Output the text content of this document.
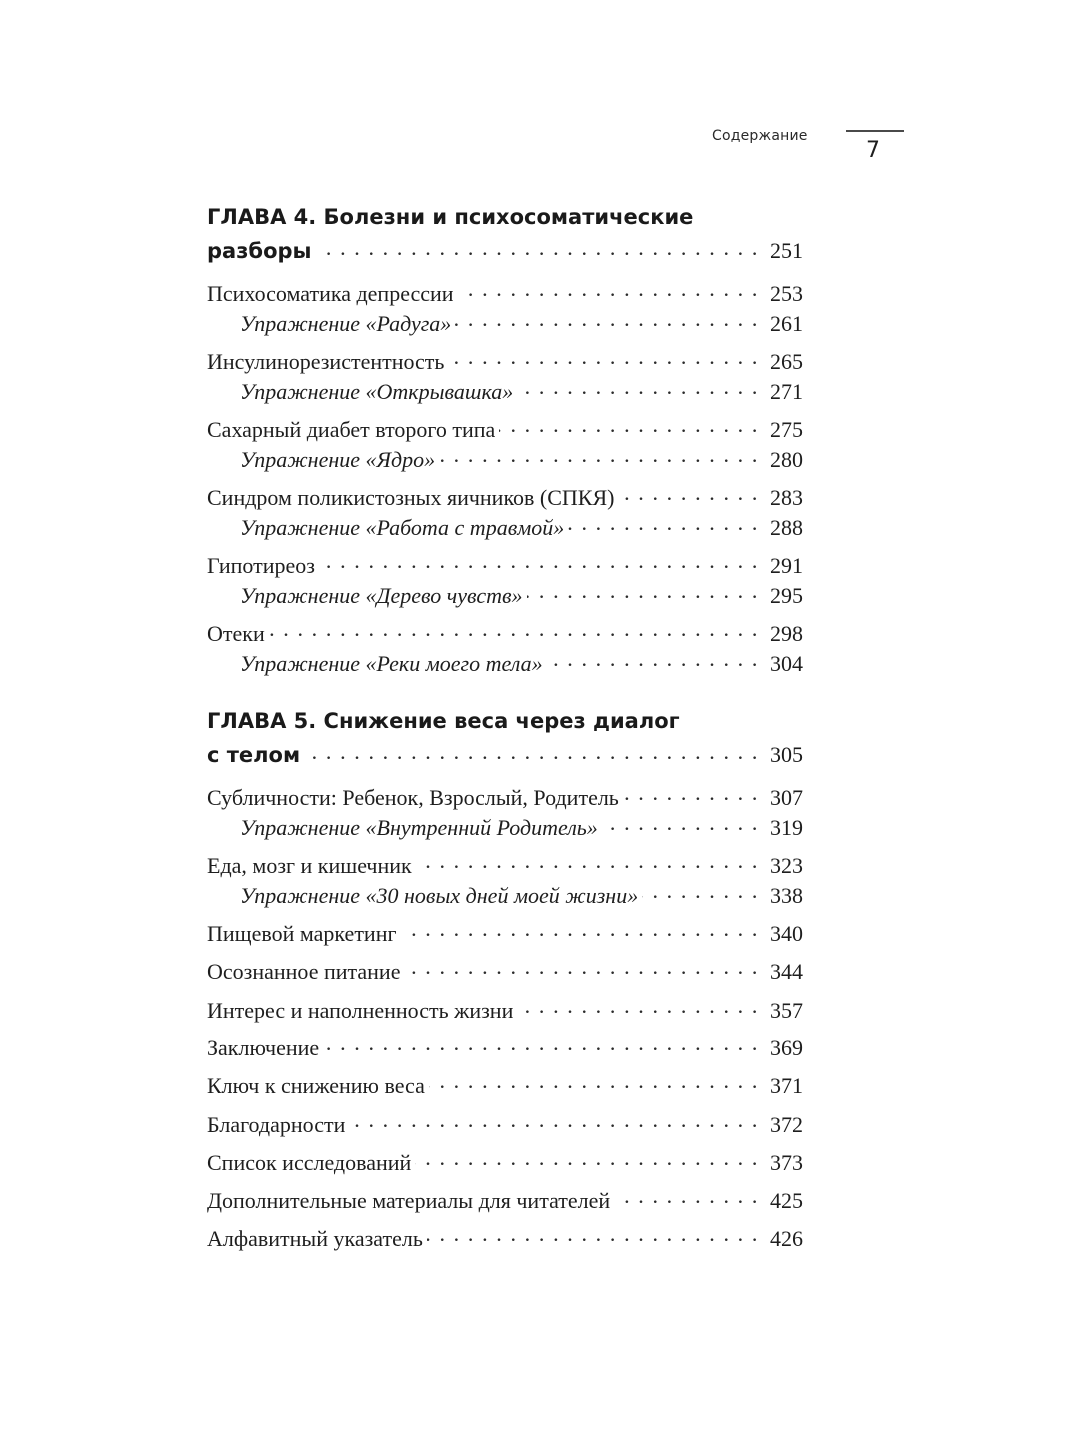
Содержание
7
ГЛАВА 4. Болезни и психосоматические
разборы . . .	251
Психосоматика депрессии . . .	253
Упражнение «Радуга» . . .	261
Инсулинорезистентность . . .	265
Упражнение «Открывашка» . . .	271
Сахарный диабет второго типа . . .	275
Упражнение «Ядро» . . .	280
Синдром поликистозных яичников (СПКЯ) . . .	283
Упражнение «Работа с травмой» . . .	288
Гипотиреоз . . .	291
Упражнение «Дерево чувств» . . .	295
Отеки . . .	298
Упражнение «Реки моего тела» . . .	304
ГЛАВА 5. Снижение веса через диалог
с телом . . .	305
Субличности: Ребенок, Взрослый, Родитель . . .	307
Упражнение «Внутренний Родитель» . . .	319
Еда, мозг и кишечник . . .	323
Упражнение «30 новых дней моей жизни» . . .	338
Пищевой маркетинг . . .	340
Осознанное питание . . .	344
Интерес и наполненность жизни . . .	357
Заключение . . .	369
Ключ к снижению веса . . .	371
Благодарности . . .	372
Список исследований . . .	373
Дополнительные материалы для читателей . . .	425
Алфавитный указатель . . .	426
